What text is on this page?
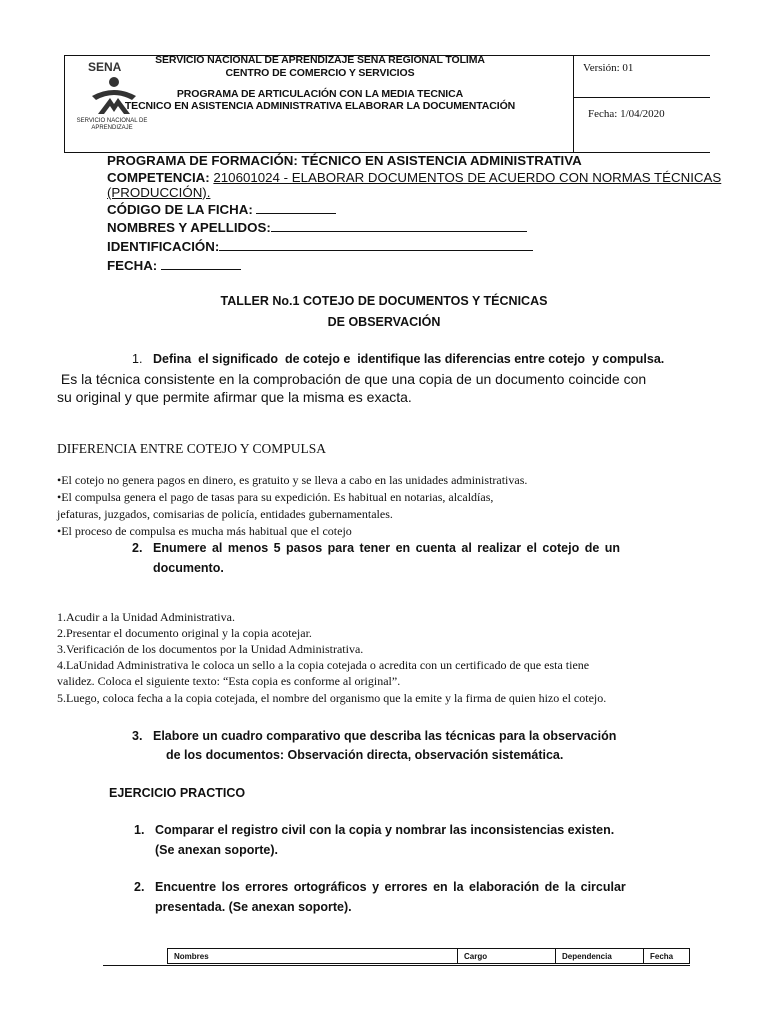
SENA
SERVICIO NACIONAL DE APRENDIZAJE
SERVICIO NACIONAL DE APRENDIZAJE SENA REGIONAL TOLIMA
CENTRO DE COMERCIO Y SERVICIOS
PROGRAMA DE ARTICULACIÓN CON LA MEDIA TECNICA
TECNICO EN ASISTENCIA ADMINISTRATIVA ELABORAR LA DOCUMENTACIÓN
Versión: 01
Fecha: 1/04/2020
PROGRAMA DE FORMACIÓN: TÉCNICO EN ASISTENCIA ADMINISTRATIVA
COMPETENCIA: 210601024 - ELABORAR DOCUMENTOS DE ACUERDO CON NORMAS TÉCNICAS
(PRODUCCIÓN).
CÓDIGO DE LA FICHA:
NOMBRES Y APELLIDOS:
IDENTIFICACIÓN:
FECHA:
TALLER No.1 COTEJO DE DOCUMENTOS Y TÉCNICAS
DE OBSERVACIÓN
1. Defina  el significado  de cotejo e  identifique las diferencias entre cotejo  y compulsa.
Es la técnica consistente en la comprobación de que una copia de un documento coincide con
su original y que permite afirmar que la misma es exacta.
DIFERENCIA ENTRE COTEJO Y COMPULSA
•El cotejo no genera pagos en dinero, es gratuito y se lleva a cabo en las unidades administrativas.
•El compulsa genera el pago de tasas para su expedición. Es habitual en notarias, alcaldías,
jefaturas, juzgados, comisarias de policía, entidades gubernamentales.
•El proceso de compulsa es mucha más habitual que el cotejo
2. Enumere al menos 5 pasos para tener en cuenta al realizar el cotejo de un
documento.
1.Acudir a la Unidad Administrativa.
2.Presentar el documento original y la copia acotejar.
3.Verificación de los documentos por la Unidad Administrativa.
4.LaUnidad Administrativa le coloca un sello a la copia cotejada o acredita con un certificado de que esta tiene
validez. Coloca el siguiente texto: “Esta copia es conforme al original”.
5.Luego, coloca fecha a la copia cotejada, el nombre del organismo que la emite y la firma de quien hizo el cotejo.
3. Elabore un cuadro comparativo que describa las técnicas para la observación
de los documentos: Observación directa, observación sistemática.
EJERCICIO PRACTICO
1. Comparar el registro civil con la copia y nombrar las inconsistencias existen.
(Se anexan soporte).
2. Encuentre los errores ortográficos y errores en la elaboración de la circular
presentada. (Se anexan soporte).
Nombres	Cargo	Dependencia	Fecha
